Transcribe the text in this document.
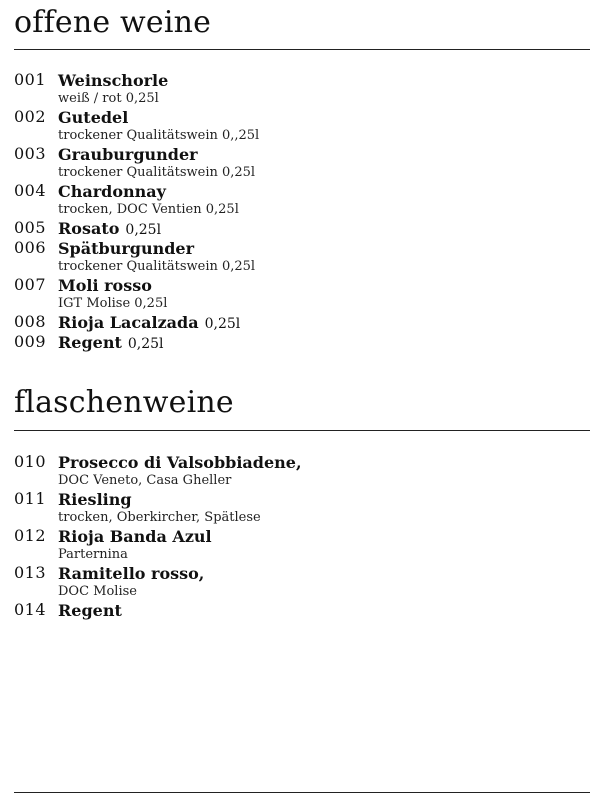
offene weine
001 Weinschorle
weiß / rot 0,25l
002 Gutedel
trockener Qualitätswein 0,,25l
003 Grauburgunder
trockener Qualitätswein 0,25l
004 Chardonnay
trocken, DOC Ventien 0,25l
005 Rosato 0,25l
006 Spätburgunder
trockener Qualitätswein 0,25l
007 Moli rosso
IGT Molise 0,25l
008 Rioja Lacalzada 0,25l
009 Regent 0,25l
flaschenweine
010 Prosecco di Valsobbiadene,
DOC Veneto, Casa Gheller
011 Riesling
trocken, Oberkircher, Spätlese
012 Rioja Banda Azul
Parternina
013 Ramitello rosso,
DOC Molise
014 Regent
